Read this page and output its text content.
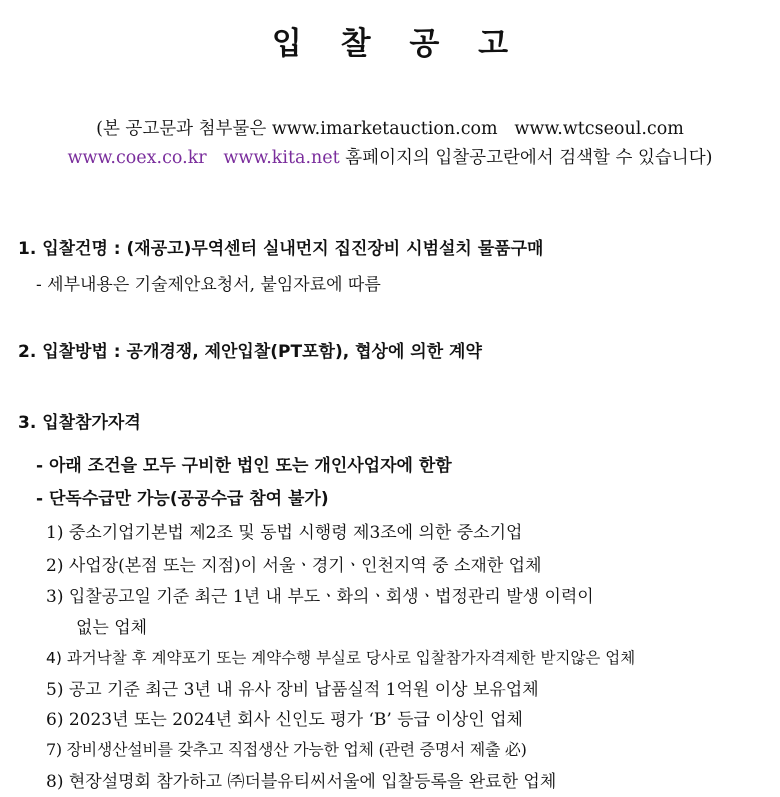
입 찰 공 고
(본 공고문과 첨부물은 www.imarketauction.com www.wtcseoul.com
www.coex.co.kr www.kita.net 홈페이지의 입찰공고란에서 검색할 수 있습니다)
1. 입찰건명 : (재공고)무역센터 실내먼지 집진장비 시범설치 물품구매
- 세부내용은 기술제안요청서, 붙임자료에 따름
2. 입찰방법 : 공개경쟁, 제안입찰(PT포함), 협상에 의한 계약
3. 입찰참가자격
- 아래 조건을 모두 구비한 법인 또는 개인사업자에 한함
- 단독수급만 가능(공공수급 참여 불가)
1) 중소기업기본법 제2조 및 동법 시행령 제3조에 의한 중소기업
2) 사업장(본점 또는 지점)이 서울ㆍ경기ㆍ인천지역 중 소재한 업체
3) 입찰공고일 기준 최근 1년 내 부도ㆍ화의ㆍ회생ㆍ법정관리 발생 이력이
없는 업체
4) 과거낙찰 후 계약포기 또는 계약수행 부실로 당사로 입찰참가자격제한 받지않은 업체
5) 공고 기준 최근 3년 내 유사 장비 납품실적 1억원 이상 보유업체
6) 2023년 또는 2024년 회사 신인도 평가 ‘B’ 등급 이상인 업체
7) 장비생산설비를 갖추고 직접생산 가능한 업체 (관련 증명서 제출 必)
8) 현장설명회 참가하고 ㈜더블유티씨서울에 입찰등록을 완료한 업체
